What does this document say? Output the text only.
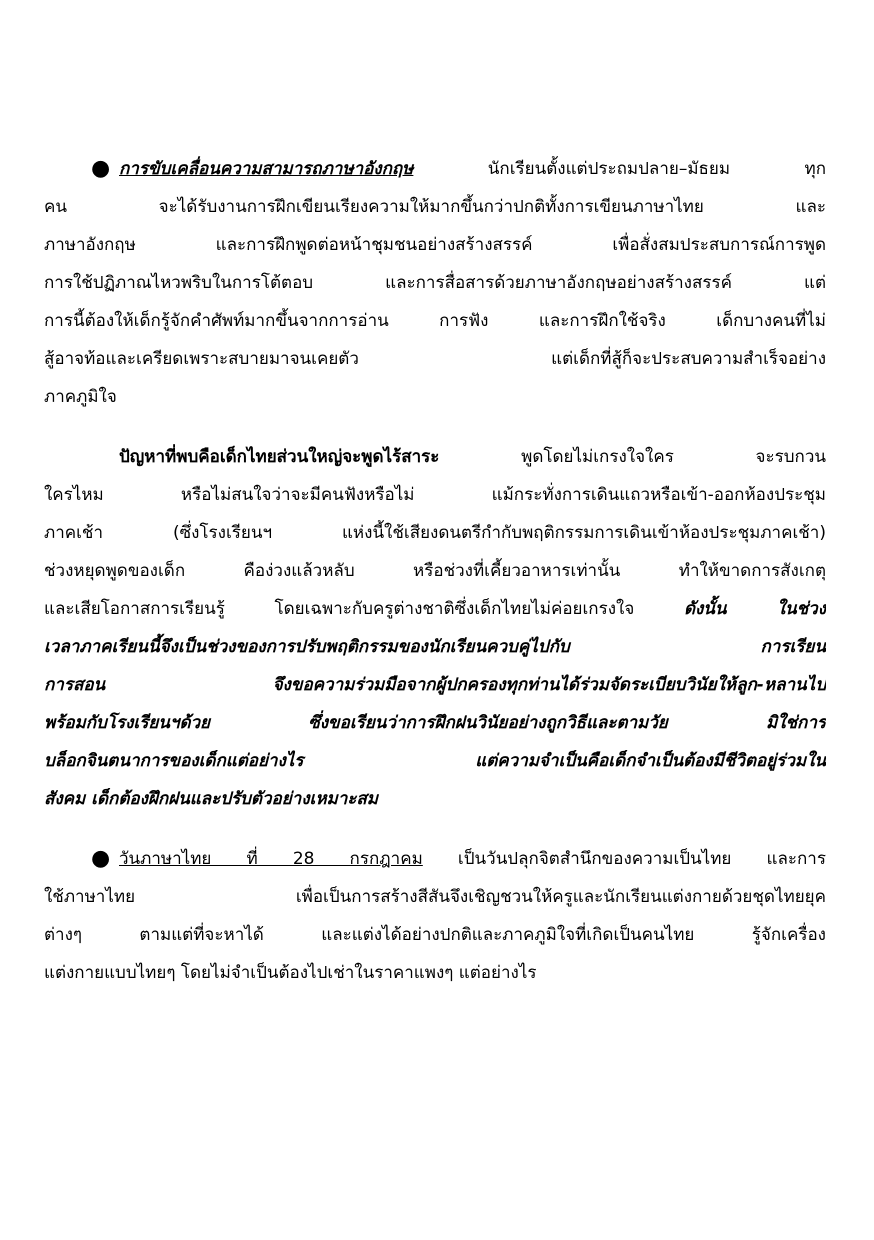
● การขับเคลื่อนความสามารถภาษาอังกฤษ นักเรียนตั้งแต่ประถมปลาย–มัธยม ทุก
คน จะได้รับงานการฝึกเขียนเรียงความให้มากขึ้นกว่าปกติทั้งการเขียนภาษาไทย และ
ภาษาอังกฤษ และการฝึกพูดต่อหน้าชุมชนอย่างสร้างสรรค์ เพื่อสั่งสมประสบการณ์การพูด
การใช้ปฏิภาณไหวพริบในการโต้ตอบ และการสื่อสารด้วยภาษาอังกฤษอย่างสร้างสรรค์ แต่
การนี้ต้องให้เด็กรู้จักคำศัพท์มากขึ้นจากการอ่าน การฟัง และการฝึกใช้จริง เด็กบางคนที่ไม่
สู้อาจท้อและเครียดเพราะสบายมาจนเคยตัว แต่เด็กที่สู้ก็จะประสบความสำเร็จอย่าง
ภาคภูมิใจ
ปัญหาที่พบคือเด็กไทยส่วนใหญ่จะพูดไร้สาระ พูดโดยไม่เกรงใจใคร จะรบกวน
ใครไหม หรือไม่สนใจว่าจะมีคนฟังหรือไม่ แม้กระทั่งการเดินแถวหรือเข้า-ออกห้องประชุม
ภาคเช้า (ซึ่งโรงเรียนฯ แห่งนี้ใช้เสียงดนตรีกำกับพฤติกรรมการเดินเข้าห้องประชุมภาคเช้า)
ช่วงหยุดพูดของเด็ก คือง่วงแล้วหลับ หรือช่วงที่เคี้ยวอาหารเท่านั้น ทำให้ขาดการสังเกตุ
และเสียโอกาสการเรียนรู้ โดยเฉพาะกับครูต่างชาติซึ่งเด็กไทยไม่ค่อยเกรงใจ ดังนั้น ในช่วง
เวลาภาคเรียนนี้จึงเป็นช่วงของการปรับพฤติกรรมของนักเรียนควบคู่ไปกับ การเรียน
การสอน จึงขอความร่วมมือจากผู้ปกครองทุกท่านได้ร่วมจัดระเบียบวินัยให้ลูก-หลานไป
พร้อมกับโรงเรียนฯด้วย ซึ่งขอเรียนว่าการฝึกฝนวินัยอย่างถูกวิธีและตามวัย มิใช่การ
บล็อกจินตนาการของเด็กแต่อย่างไร แต่ความจำเป็นคือเด็กจำเป็นต้องมีชีวิตอยู่ร่วมใน
สังคม เด็กต้องฝึกฝนและปรับตัวอย่างเหมาะสม
● วันภาษาไทย ที่ 28 กรกฎาคม เป็นวันปลุกจิตสำนึกของความเป็นไทย และการ
ใช้ภาษาไทย เพื่อเป็นการสร้างสีสันจึงเชิญชวนให้ครูและนักเรียนแต่งกายด้วยชุดไทยยุค
ต่างๆ ตามแต่ที่จะหาได้ และแต่งได้อย่างปกติและภาคภูมิใจที่เกิดเป็นคนไทย รู้จักเครื่อง
แต่งกายแบบไทยๆ โดยไม่จำเป็นต้องไปเช่าในราคาแพงๆ แต่อย่างไร
